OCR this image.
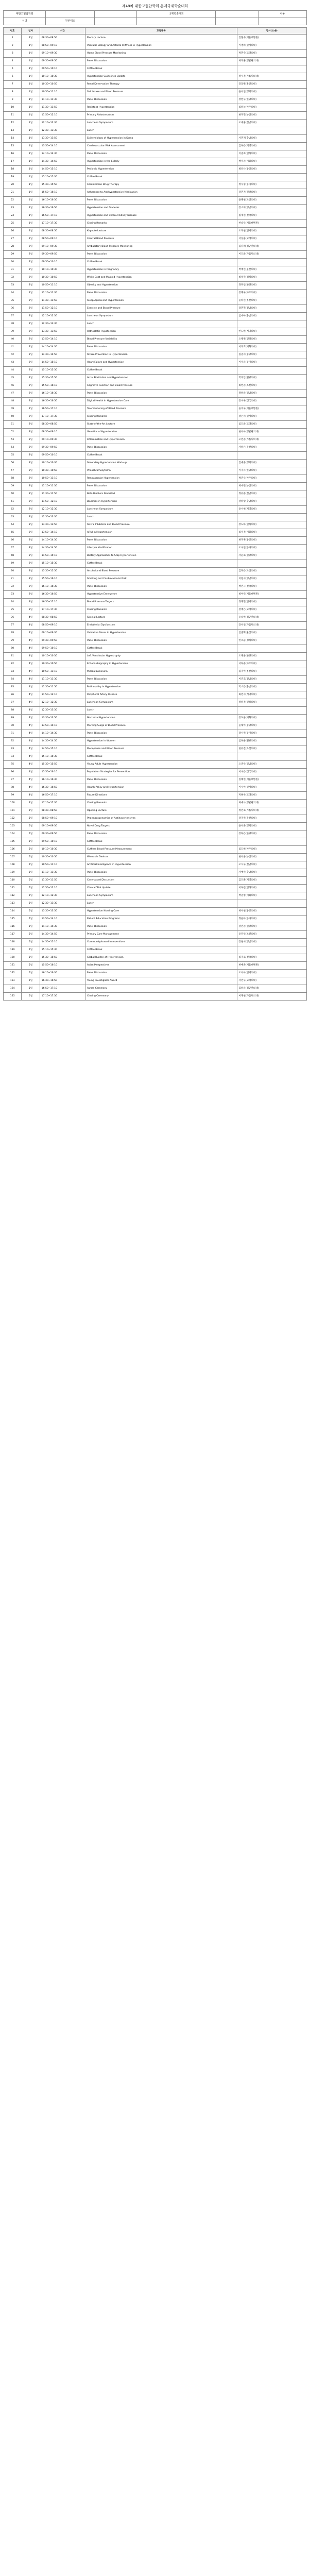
제48차 대한고혈압학회 춘계국제학술대회
대한고혈압학회			국제학술대회		사용
서명	원본대조				
번호	일자	시간	교육제목	강사(소속)
1	1일	08:30~08:50	Plenary Lecture	김철수(서울대병원)
2	1일	08:50~09:10	Vascular Biology and Arterial Stiffness in Hypertension	이영희(연세의대)
3	1일	09:10~09:30	Home Blood Pressure Monitoring	박민수(고려의대)
4	1일	09:30~09:50	Panel Discussion	최지훈(성균관의대)
5	1일	09:50~10:10	Coffee Break	
6	1일	10:10~10:30	Hypertension Guidelines Update	정수진(가톨릭의대)
7	1일	10:30~10:50	Renal Denervation Therapy	강동원(울산의대)
8	1일	10:50~11:10	Salt Intake and Blood Pressure	윤서연(경희의대)
9	1일	11:10~11:30	Panel Discussion	장현우(한양의대)
10	1일	11:30~11:50	Resistant Hypertension	임하늘(아주의대)
11	1일	11:50~12:10	Primary Aldosteronism	한지민(부산의대)
12	1일	12:10~12:30	Luncheon Symposium	오세훈(전남의대)
13	1일	12:30~13:30	Lunch	
14	1일	13:30~13:50	Epidemiology of Hypertension in Korea	서민재(충남의대)
15	1일	13:50~14:10	Cardiovascular Risk Assessment	김하은(계명의대)
16	1일	14:10~14:30	Panel Discussion	이준호(인하의대)
17	1일	14:30~14:50	Hypertension in the Elderly	박서준(이화의대)
18	1일	14:50~15:10	Pediatric Hypertension	최유나(중앙의대)
19	1일	15:10~15:30	Coffee Break	
20	1일	15:30~15:50	Combination Drug Therapy	정우성(동아의대)
21	1일	15:50~16:10	Adherence to Antihypertensive Medication	강민지(원광의대)
22	1일	16:10~16:30	Panel Discussion	윤태현(조선의대)
23	1일	16:30~16:50	Hypertension and Diabetes	장소희(영남의대)
24	1일	16:50~17:10	Hypertension and Chronic Kidney Disease	임재원(건국의대)
25	1일	17:10~17:30	Closing Remarks	한승우(서울대병원)
26	2일	08:30~08:50	Keynote Lecture	오지현(연세의대)
27	2일	08:50~09:10	Central Blood Pressure	서동훈(고려의대)
28	2일	09:10~09:30	Ambulatory Blood Pressure Monitoring	김나래(성균관의대)
29	2일	09:30~09:50	Panel Discussion	이도윤(가톨릭의대)
30	2일	09:50~10:10	Coffee Break	
31	2일	10:10~10:30	Hypertension in Pregnancy	박예린(울산의대)
32	2일	10:30~10:50	White Coat and Masked Hypertension	최성민(경희의대)
33	2일	10:50~11:10	Obesity and Hypertension	정다인(한양의대)
34	2일	11:10~11:30	Panel Discussion	강태우(아주의대)
35	2일	11:30~11:50	Sleep Apnea and Hypertension	윤하린(부산의대)
36	2일	11:50~12:10	Exercise and Blood Pressure	장민혁(전남의대)
37	2일	12:10~12:30	Luncheon Symposium	임수아(충남의대)
38	2일	12:30~13:30	Lunch	
39	2일	13:30~13:50	Orthostatic Hypotension	한도현(계명의대)
40	2일	13:50~14:10	Blood Pressure Variability	오채원(인하의대)
41	2일	14:10~14:30	Panel Discussion	서지호(이화의대)
42	2일	14:30~14:50	Stroke Prevention in Hypertension	김준서(중앙의대)
43	2일	14:50~15:10	Heart Failure and Hypertension	이서윤(동아의대)
44	2일	15:10~15:30	Coffee Break	
45	2일	15:30~15:50	Atrial Fibrillation and Hypertension	박지안(원광의대)
46	2일	15:50~16:10	Cognitive Function and Blood Pressure	최현준(조선의대)
47	2일	16:10~16:30	Panel Discussion	정하윤(영남의대)
48	2일	16:30~16:50	Digital Health in Hypertension Care	강시우(건국의대)
49	2일	16:50~17:10	Telemonitoring of Blood Pressure	윤지우(서울대병원)
50	2일	17:10~17:30	Closing Remarks	장은서(연세의대)
51	3일	08:30~08:50	State-of-the-Art Lecture	임도윤(고려의대)
52	3일	08:50~09:10	Genetics of Hypertension	한서아(성균관의대)
53	3일	09:10~09:30	Inflammation and Hypertension	오민준(가톨릭의대)
54	3일	09:30~09:50	Panel Discussion	서하은(울산의대)
55	3일	09:50~10:10	Coffee Break	
56	3일	10:10~10:30	Secondary Hypertension Work-up	김예준(경희의대)
57	3일	10:30~10:50	Pheochromocytoma	이지유(한양의대)
58	3일	10:50~11:10	Renovascular Hypertension	박건우(아주의대)
59	3일	11:10~11:30	Panel Discussion	최수빈(부산의대)
60	3일	11:30~11:50	Beta Blockers Revisited	정유준(전남의대)
61	3일	11:50~12:10	Diuretics in Hypertension	강하랑(충남의대)
62	3일	12:10~12:30	Luncheon Symposium	윤시현(계명의대)
63	3일	12:30~13:30	Lunch	
64	3일	13:30~13:50	SGLT2 Inhibitors and Blood Pressure	장도하(인하의대)
65	3일	13:50~14:10	ARNI in Hypertension	임서진(이화의대)
66	3일	14:10~14:30	Panel Discussion	한지후(중앙의대)
67	3일	14:30~14:50	Lifestyle Modification	오나연(동아의대)
68	3일	14:50~15:10	Dietary Approaches to Stop Hypertension	서윤호(원광의대)
69	3일	15:10~15:30	Coffee Break	
70	3일	15:30~15:50	Alcohol and Blood Pressure	김다은(조선의대)
71	3일	15:50~16:10	Smoking and Cardiovascular Risk	이현서(영남의대)
72	3일	16:10~16:30	Panel Discussion	박민규(건국의대)
73	3일	16:30~16:50	Hypertensive Emergency	최아린(서울대병원)
74	3일	16:50~17:10	Blood Pressure Targets	정재민(연세의대)
75	3일	17:10~17:30	Closing Remarks	강예은(고려의대)
76	4일	08:30~08:50	Special Lecture	윤승현(성균관의대)
77	4일	08:50~09:10	Endothelial Dysfunction	장서연(가톨릭의대)
78	4일	09:10~09:30	Oxidative Stress in Hypertension	임준혁(울산의대)
79	4일	09:30~09:50	Panel Discussion	한소율(경희의대)
80	4일	09:50~10:10	Coffee Break	
81	4일	10:10~10:30	Left Ventricular Hypertrophy	오태윤(한양의대)
82	4일	10:30~10:50	Echocardiography in Hypertension	서하준(아주의대)
83	4일	10:50~11:10	Microalbuminuria	김지아(부산의대)
84	4일	11:10~11:30	Panel Discussion	이건호(전남의대)
85	4일	11:30~11:50	Retinopathy in Hypertension	박소은(충남의대)
86	4일	11:50~12:10	Peripheral Artery Disease	최민서(계명의대)
87	4일	12:10~12:30	Luncheon Symposium	정하진(인하의대)
88	4일	12:30~13:30	Lunch	
89	4일	13:30~13:50	Nocturnal Hypertension	강도윤(이화의대)
90	4일	13:50~14:10	Morning Surge of Blood Pressure	윤채아(중앙의대)
91	4일	14:10~14:30	Panel Discussion	장시원(동아의대)
92	4일	14:30~14:50	Hypertension in Women	임하윤(원광의대)
93	4일	14:50~15:10	Menopause and Blood Pressure	한유진(조선의대)
94	4일	15:10~15:30	Coffee Break	
95	4일	15:30~15:50	Young Adult Hypertension	오준우(영남의대)
96	4일	15:50~16:10	Population Strategies for Prevention	서나은(건국의대)
97	4일	16:10~16:30	Panel Discussion	김태민(서울대병원)
98	4일	16:30~16:50	Health Policy and Hypertension	이수아(연세의대)
99	4일	16:50~17:10	Future Directions	박현우(고려의대)
100	4일	17:10~17:30	Closing Remarks	최예나(성균관의대)
101	5일	08:30~08:50	Opening Lecture	정민호(가톨릭의대)
102	5일	08:50~09:10	Pharmacogenomics of Antihypertensives	강지원(울산의대)
103	5일	09:10~09:30	Novel Drug Targets	윤서준(경희의대)
104	5일	09:30~09:50	Panel Discussion	장하은(한양의대)
105	5일	09:50~10:10	Coffee Break	
106	5일	10:10~10:30	Cuffless Blood Pressure Measurement	임도현(아주의대)
107	5일	10:30~10:50	Wearable Devices	한서윤(부산의대)
108	5일	10:50~11:10	Artificial Intelligence in Hypertension	오시우(전남의대)
109	5일	11:10~11:30	Panel Discussion	서예린(충남의대)
110	5일	11:30~11:50	Case-based Discussion	김도훈(계명의대)
111	5일	11:50~12:10	Clinical Trial Update	이하린(인하의대)
112	5일	12:10~12:30	Luncheon Symposium	박준영(이화의대)
113	5일	12:30~13:30	Lunch	
114	5일	13:30~13:50	Hypertension Nursing Care	최서현(중앙의대)
115	5일	13:50~14:10	Patient Education Programs	정윤아(동아의대)
116	5일	14:10~14:30	Panel Discussion	강민준(원광의대)
117	5일	14:30~14:50	Primary Care Management	윤다인(조선의대)
118	5일	14:50~15:10	Community-based Interventions	장현서(영남의대)
119	5일	15:10~15:30	Coffee Break	
120	5일	15:30~15:50	Global Burden of Hypertension	임지호(건국의대)
121	5일	15:50~16:10	Asian Perspectives	한예준(서울대병원)
122	5일	16:10~16:30	Panel Discussion	오서아(연세의대)
123	5일	16:30~16:50	Young Investigator Award	서민우(고려의대)
124	5일	16:50~17:10	Award Ceremony	김하윤(성균관의대)
125	5일	17:10~17:30	Closing Ceremony	이재현(가톨릭의대)
